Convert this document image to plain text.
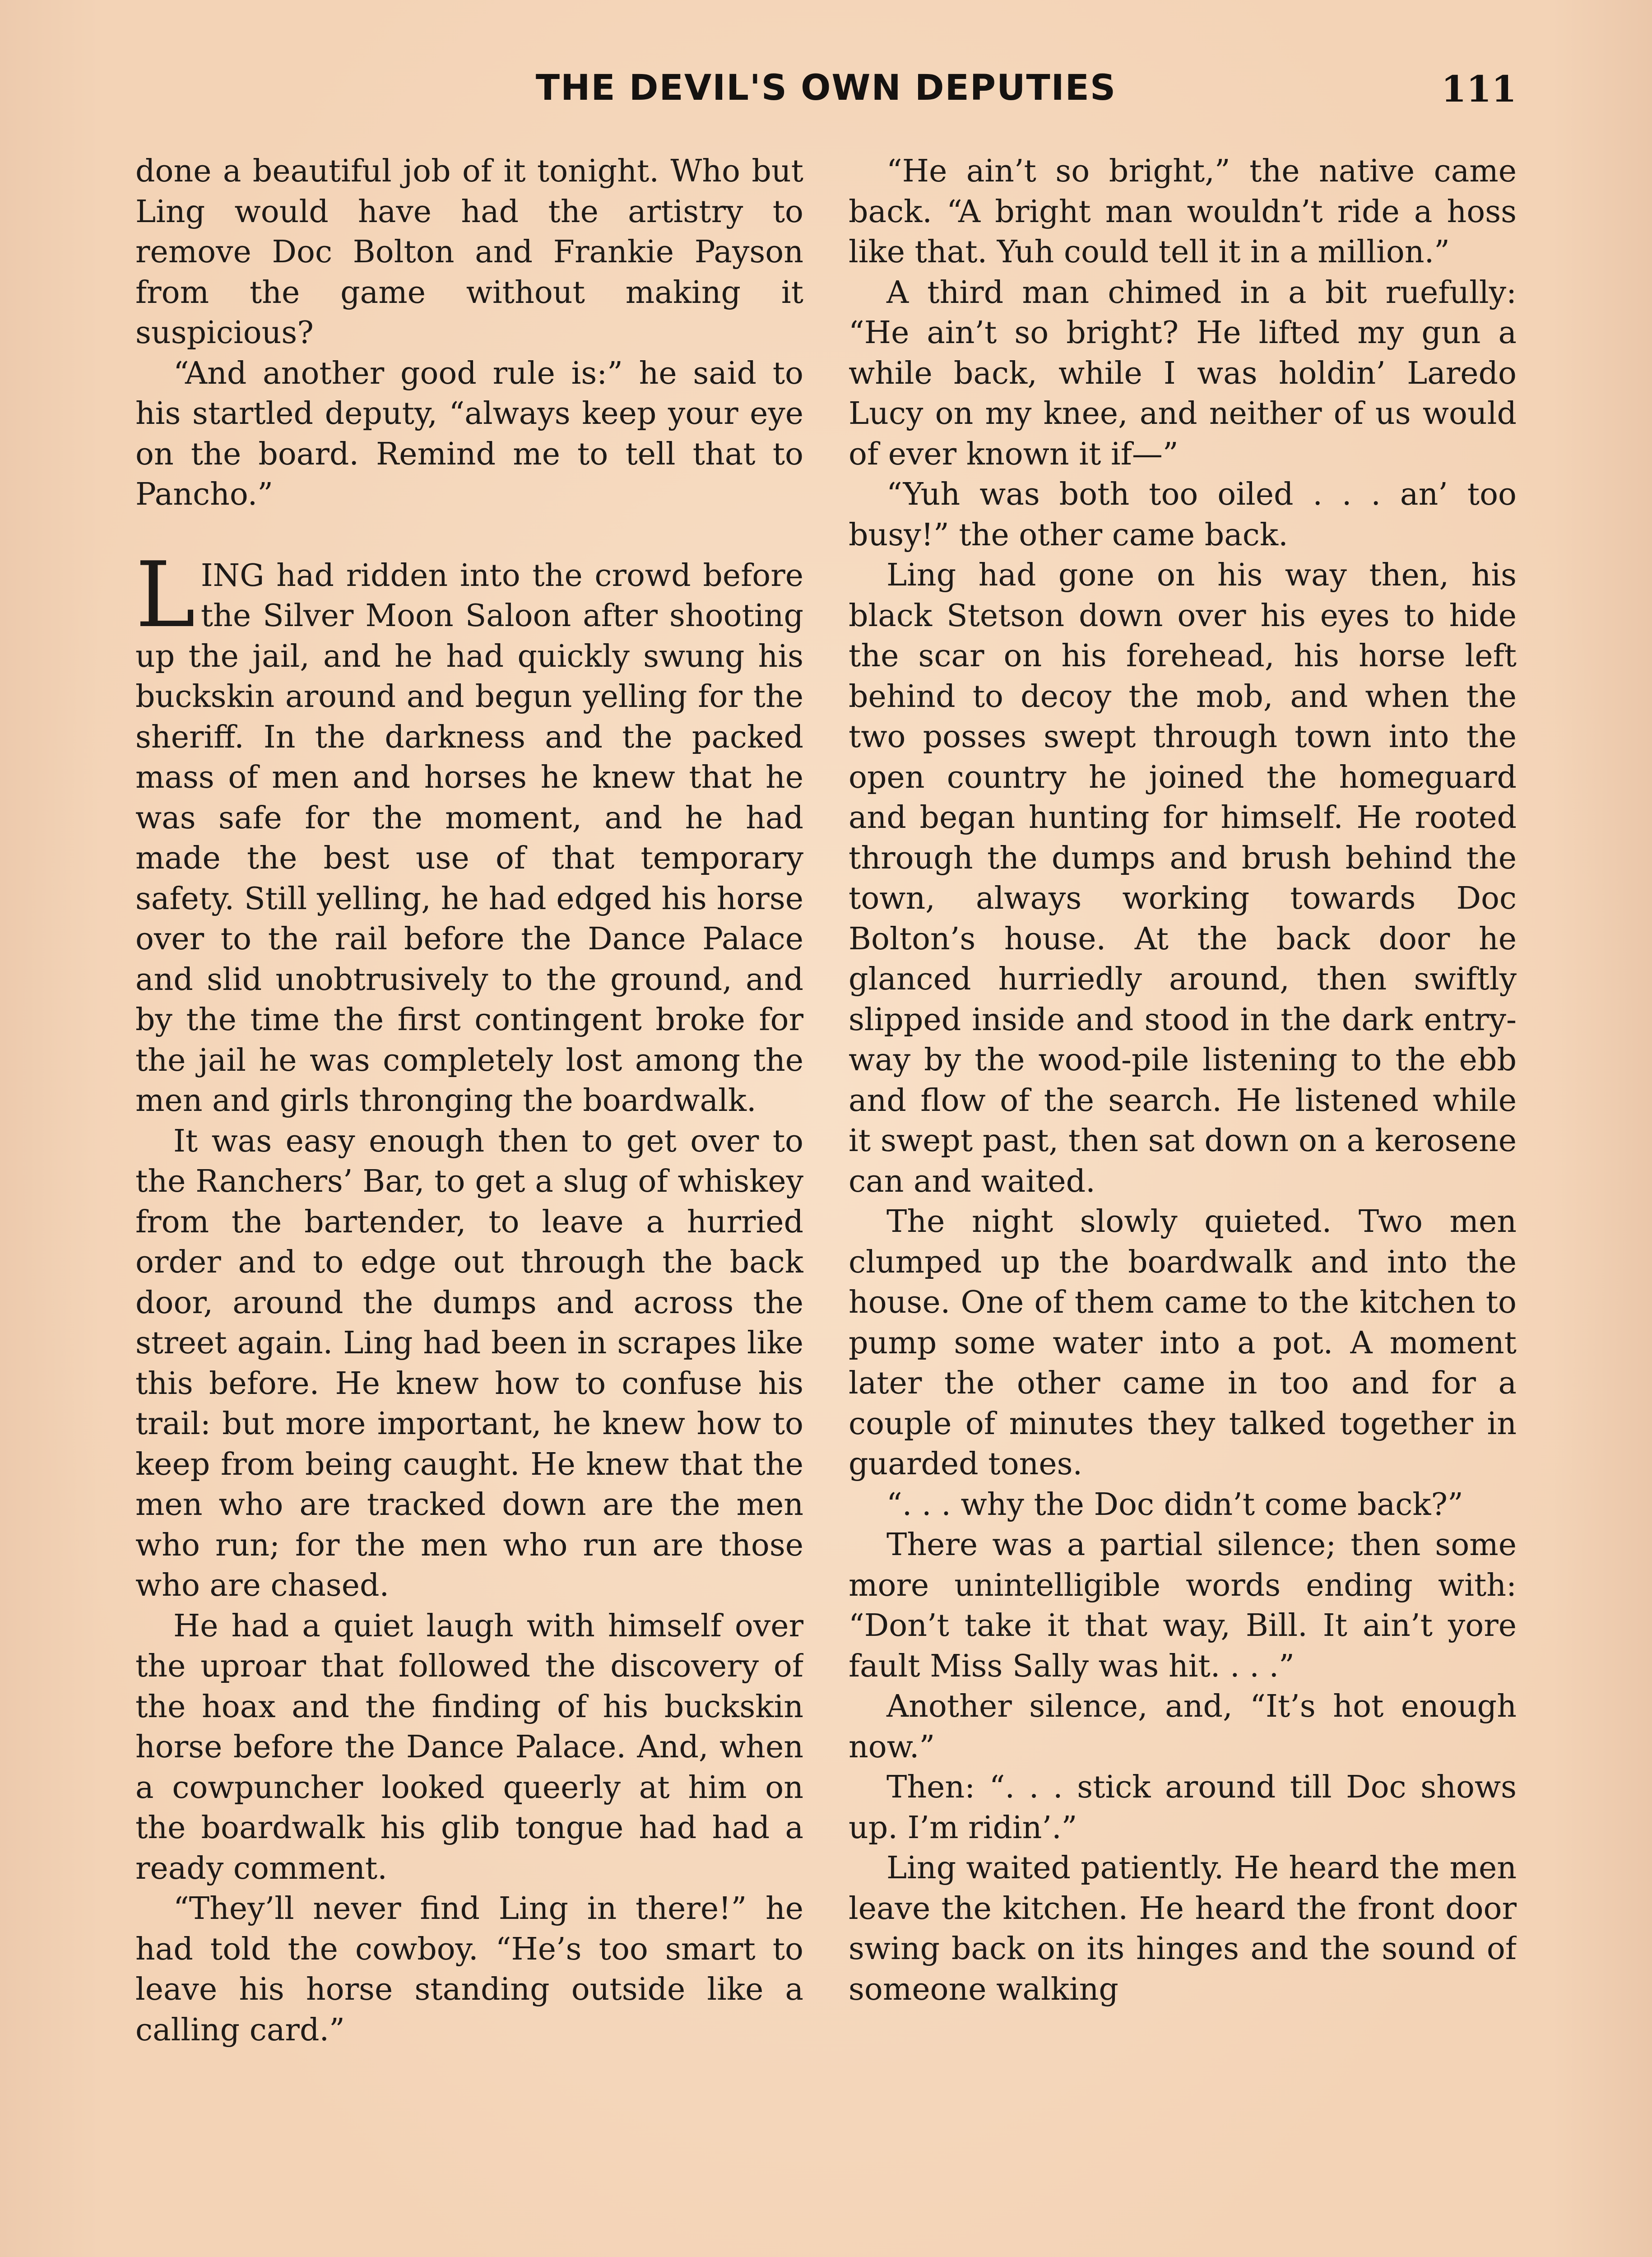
THE DEVIL'S OWN DEPUTIES	111

done a beautiful job of it tonight. Who but Ling would have had the artistry to remove Doc Bolton and Frankie Payson from the game without making it suspicious?

“And another good rule is:” he said to his startled deputy, “always keep your eye on the board. Remind me to tell that to Pancho.”

LING had ridden into the crowd before the Silver Moon Saloon after shooting up the jail, and he had quickly swung his buckskin around and begun yelling for the sheriff. In the darkness and the packed mass of men and horses he knew that he was safe for the moment, and he had made the best use of that temporary safety. Still yelling, he had edged his horse over to the rail before the Dance Palace and slid unobtrusively to the ground, and by the time the first contingent broke for the jail he was completely lost among the men and girls thronging the boardwalk.

It was easy enough then to get over to the Ranchers’ Bar, to get a slug of whiskey from the bartender, to leave a hurried order and to edge out through the back door, around the dumps and across the street again. Ling had been in scrapes like this before. He knew how to confuse his trail: but more important, he knew how to keep from being caught. He knew that the men who are tracked down are the men who run; for the men who run are those who are chased.

He had a quiet laugh with himself over the uproar that followed the discovery of the hoax and the finding of his buckskin horse before the Dance Palace. And, when a cowpuncher looked queerly at him on the boardwalk his glib tongue had had a ready comment.

“They’ll never find Ling in there!” he had told the cowboy. “He’s too smart to leave his horse standing outside like a calling card.”

“He ain’t so bright,” the native came back. “A bright man wouldn’t ride a hoss like that. Yuh could tell it in a million.”

A third man chimed in a bit ruefully: “He ain’t so bright? He lifted my gun a while back, while I was holdin’ Laredo Lucy on my knee, and neither of us would of ever known it if—”

“Yuh was both too oiled . . . an’ too busy!” the other came back.

Ling had gone on his way then, his black Stetson down over his eyes to hide the scar on his forehead, his horse left behind to decoy the mob, and when the two posses swept through town into the open country he joined the homeguard and began hunting for himself. He rooted through the dumps and brush behind the town, always working towards Doc Bolton’s house. At the back door he glanced hurriedly around, then swiftly slipped inside and stood in the dark entry-way by the wood-pile listening to the ebb and flow of the search. He listened while it swept past, then sat down on a kerosene can and waited.

The night slowly quieted. Two men clumped up the boardwalk and into the house. One of them came to the kitchen to pump some water into a pot. A moment later the other came in too and for a couple of minutes they talked together in guarded tones.

“. . . why the Doc didn’t come back?”

There was a partial silence; then some more unintelligible words ending with: “Don’t take it that way, Bill. It ain’t yore fault Miss Sally was hit. . . .”

Another silence, and, “It’s hot enough now.”

Then: “. . . stick around till Doc shows up. I’m ridin’.”

Ling waited patiently. He heard the men leave the kitchen. He heard the front door swing back on its hinges and the sound of someone walking
